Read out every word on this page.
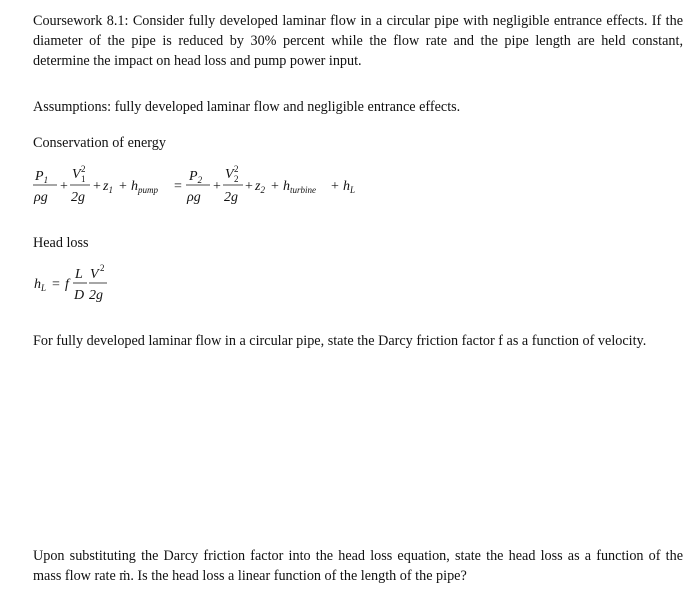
Coursework 8.1: Consider fully developed laminar flow in a circular pipe with negligible entrance effects. If the diameter of the pipe is reduced by 30% percent while the flow rate and the pipe length are held constant, determine the impact on head loss and pump power input.
Assumptions: fully developed laminar flow and negligible entrance effects.
Conservation of energy
$P_1$
ρg
+
V 2
1
2g
+ $z_1 + h_{pump}$ =
$P_2$
ρg
+
V 2
2
2g
+ $z_2 + h_{turbine} + h_L$
Head loss
$h_L = f$
L
D
V 2
2g
For fully developed laminar flow in a circular pipe, state the Darcy friction factor f as a function of velocity.
Upon substituting the Darcy friction factor into the head loss equation, state the head loss as a function of the mass flow rate ṁ. Is the head loss a linear function of the length of the pipe?
